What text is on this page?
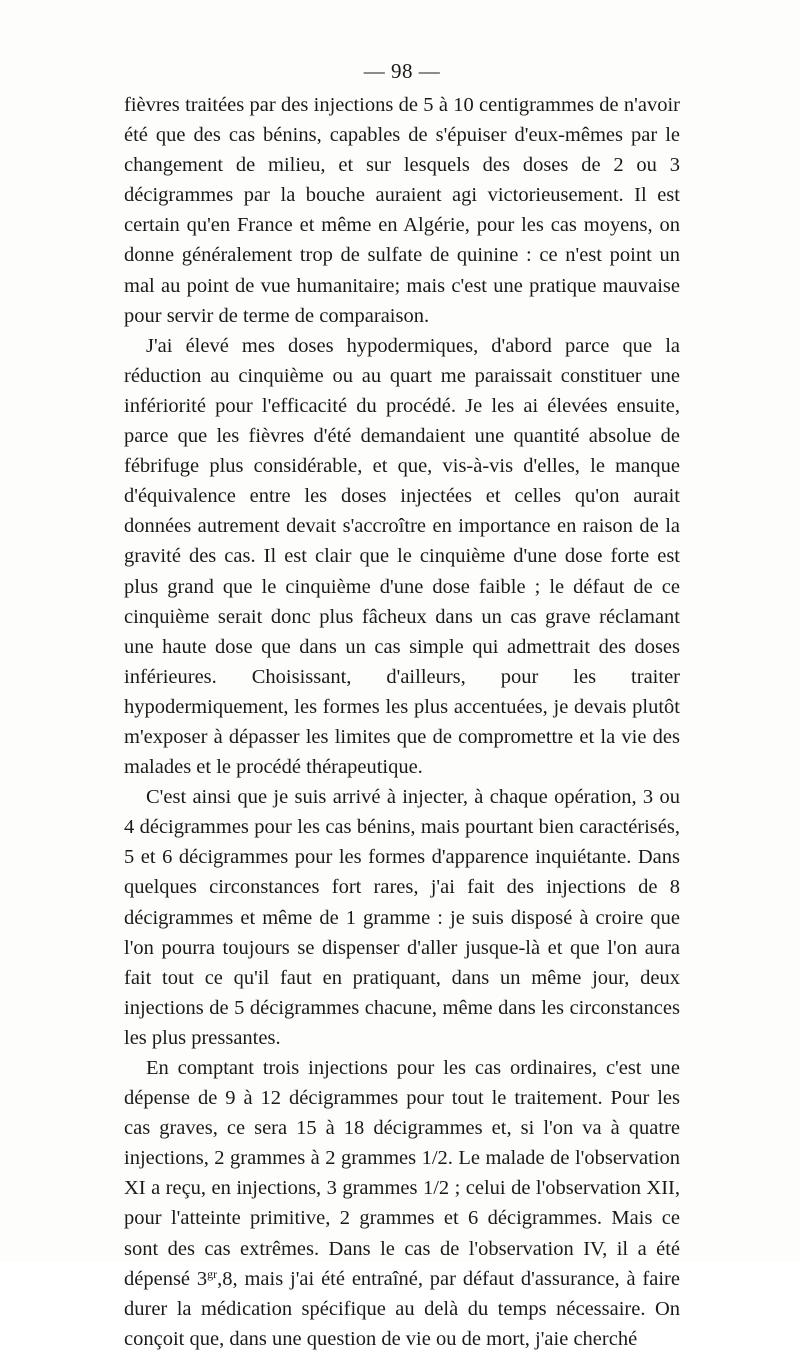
— 98 —

fièvres traitées par des injections de 5 à 10 centigrammes de n'avoir été que des cas bénins, capables de s'épuiser d'eux-mêmes par le changement de milieu, et sur lesquels des doses de 2 ou 3 décigrammes par la bouche auraient agi victorieusement. Il est certain qu'en France et même en Algérie, pour les cas moyens, on donne généralement trop de sulfate de quinine : ce n'est point un mal au point de vue humanitaire; mais c'est une pratique mauvaise pour servir de terme de comparaison.

J'ai élevé mes doses hypodermiques, d'abord parce que la réduction au cinquième ou au quart me paraissait constituer une infériorité pour l'efficacité du procédé. Je les ai élevées ensuite, parce que les fièvres d'été demandaient une quantité absolue de fébrifuge plus considérable, et que, vis-à-vis d'elles, le manque d'équivalence entre les doses injectées et celles qu'on aurait données autrement devait s'accroître en importance en raison de la gravité des cas. Il est clair que le cinquième d'une dose forte est plus grand que le cinquième d'une dose faible ; le défaut de ce cinquième serait donc plus fâcheux dans un cas grave réclamant une haute dose que dans un cas simple qui admettrait des doses inférieures. Choisissant, d'ailleurs, pour les traiter hypodermiquement, les formes les plus accentuées, je devais plutôt m'exposer à dépasser les limites que de compromettre et la vie des malades et le procédé thérapeutique.

C'est ainsi que je suis arrivé à injecter, à chaque opération, 3 ou 4 décigrammes pour les cas bénins, mais pourtant bien caractérisés, 5 et 6 décigrammes pour les formes d'apparence inquiétante. Dans quelques circonstances fort rares, j'ai fait des injections de 8 décigrammes et même de 1 gramme : je suis disposé à croire que l'on pourra toujours se dispenser d'aller jusque-là et que l'on aura fait tout ce qu'il faut en pratiquant, dans un même jour, deux injections de 5 décigrammes chacune, même dans les circonstances les plus pressantes.

En comptant trois injections pour les cas ordinaires, c'est une dépense de 9 à 12 décigrammes pour tout le traitement. Pour les cas graves, ce sera 15 à 18 décigrammes et, si l'on va à quatre injections, 2 grammes à 2 grammes 1/2. Le malade de l'observation XI a reçu, en injections, 3 grammes 1/2 ; celui de l'observation XII, pour l'atteinte primitive, 2 grammes et 6 décigrammes. Mais ce sont des cas extrêmes. Dans le cas de l'observation IV, il a été dépensé $3^{gr},8$, mais j'ai été entraîné, par défaut d'assurance, à faire durer la médication spécifique au delà du temps nécessaire. On conçoit que, dans une question de vie ou de mort, j'aie cherché
